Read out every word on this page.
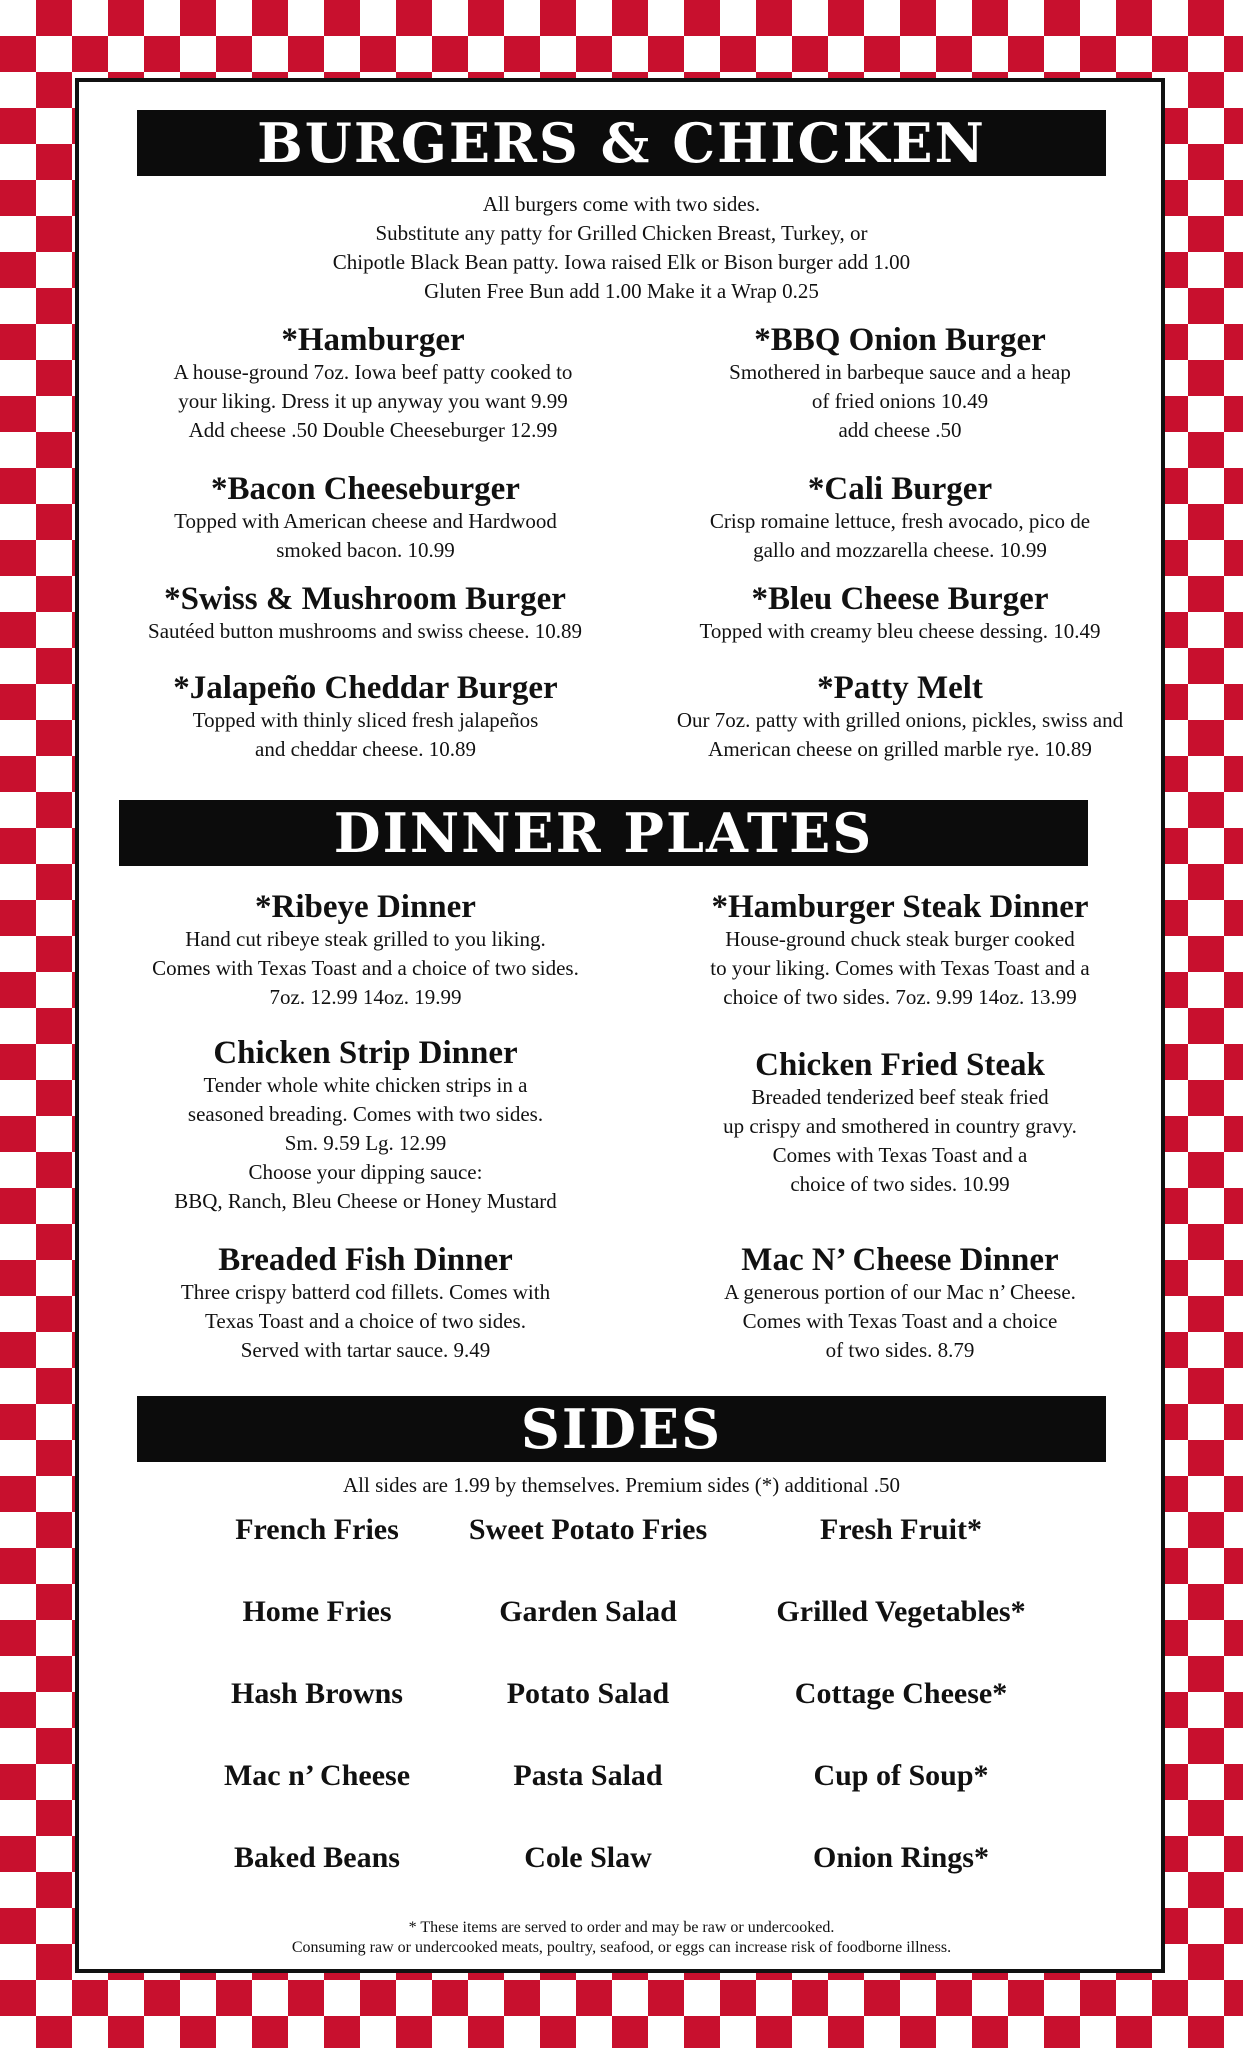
BURGERS & CHICKEN
All burgers come with two sides.
Substitute any patty for Grilled Chicken Breast, Turkey, or
Chipotle Black Bean patty. Iowa raised Elk or Bison burger add 1.00
Gluten Free Bun add 1.00 Make it a Wrap 0.25
*Hamburger

A house-ground 7oz. Iowa beef patty cooked to

your liking. Dress it up anyway you want 9.99

Add cheese .50 Double Cheeseburger 12.99

*BBQ Onion Burger

Smothered in barbeque sauce and a heap

of fried onions 10.49

add cheese .50

*Bacon Cheeseburger

Topped with American cheese and Hardwood

smoked bacon. 10.99

*Cali Burger

Crisp romaine lettuce, fresh avocado, pico de

gallo and mozzarella cheese. 10.99

*Swiss & Mushroom Burger

Sautéed button mushrooms and swiss cheese. 10.89

*Bleu Cheese Burger

Topped with creamy bleu cheese dessing. 10.49

*Jalapeño Cheddar Burger

Topped with thinly sliced fresh jalapeños

and cheddar cheese. 10.89

*Patty Melt

Our 7oz. patty with grilled onions, pickles, swiss and

American cheese on grilled marble rye. 10.89

DINNER PLATES
*Ribeye Dinner

Hand cut ribeye steak grilled to you liking.

Comes with Texas Toast and a choice of two sides.

7oz. 12.99 14oz. 19.99

*Hamburger Steak Dinner

House-ground chuck steak burger cooked

to your liking. Comes with Texas Toast and a

choice of two sides. 7oz. 9.99 14oz. 13.99

Chicken Strip Dinner

Tender whole white chicken strips in a

seasoned breading. Comes with two sides.

Sm. 9.59 Lg. 12.99

Choose your dipping sauce:

BBQ, Ranch, Bleu Cheese or Honey Mustard

Chicken Fried Steak

Breaded tenderized beef steak fried

up crispy and smothered in country gravy.

Comes with Texas Toast and a

choice of two sides. 10.99

Breaded Fish Dinner

Three crispy batterd cod fillets. Comes with

Texas Toast and a choice of two sides.

Served with tartar sauce. 9.49

Mac N’ Cheese Dinner

A generous portion of our Mac n’ Cheese.

Comes with Texas Toast and a choice

of two sides. 8.79

SIDES
All sides are 1.99 by themselves. Premium sides (*) additional .50
French Fries	Sweet Potato Fries	Fresh Fruit*
Home Fries	Garden Salad	Grilled Vegetables*
Hash Browns	Potato Salad	Cottage Cheese*
Mac n’ Cheese	Pasta Salad	Cup of Soup*
Baked Beans	Cole Slaw	Onion Rings*
* These items are served to order and may be raw or undercooked.
Consuming raw or undercooked meats, poultry, seafood, or eggs can increase risk of foodborne illness.
